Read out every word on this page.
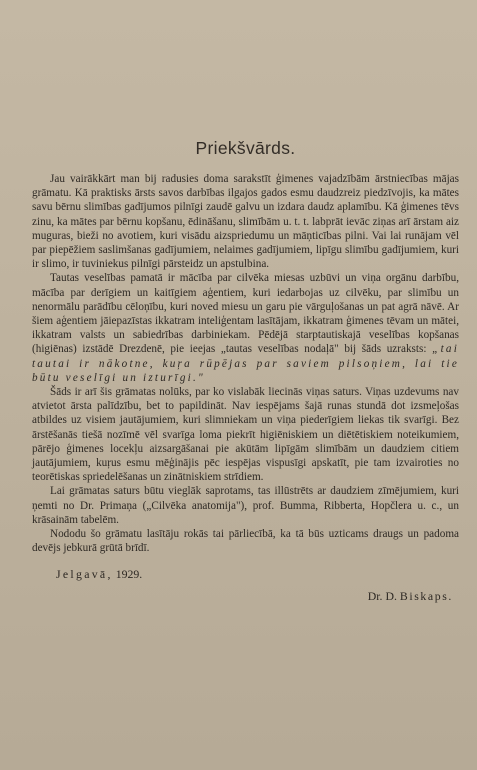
Priekšvārds.

Jau vairākkārt man bij radusies doma sarakstīt ģimenes vajadzībām ārstniecības mājas grāmatu. Kā praktisks ārsts savos darbības ilgajos gados esmu daudzreiz piedzīvojis, ka mātes savu bērnu slimības gadījumos pilnīgi zaudē galvu un izdara daudz aplamību. Kā ģimenes tēvs zinu, ka mātes par bērnu kopšanu, ēdināšanu, slimībām u. t. t. labprāt ievāc ziņas arī ārstam aiz muguras, bieži no avotiem, kuri visādu aizspriedumu un māņticības pilni. Vai lai runājam vēl par piepēžiem saslimšanas gadījumiem, nelaimes gadījumiem, lipīgu slimību gadījumiem, kuri ir slimo, ir tuviniekus pilnīgi pārsteidz un apstulbina.

Tautas veselības pamatā ir mācība par cilvēka miesas uzbūvi un viņa orgānu darbību, mācība par derīgiem un kaitīgiem aģentiem, kuri iedarbojas uz cilvēku, par slimību un nenormālu parādību cēloņību, kuri noved miesu un garu pie vārguļošanas un pat agrā nāvē. Ar šiem aģentiem jāiepazīstas ikkatram inteliģentam lasītājam, ikkatram ģimenes tēvam un mātei, ikkatram valsts un sabiedrības darbiniekam. Pēdējā starptautiskajā veselības kopšanas (higiēnas) izstādē Drezdenē, pie ieejas „tautas veselības nodaļā" bij šāds uzraksts: „tai tautai ir nākotne, kuŗa rūpējas par saviem pilsoņiem, lai tie būtu veselīgi un izturīgi."

Šāds ir arī šis grāmatas nolūks, par ko vislabāk liecinās viņas saturs. Viņas uzdevums nav atvietot ārsta palīdzību, bet to papildināt. Nav iespējams šajā runas stundā dot izsmeļošas atbildes uz visiem jautājumiem, kuri slimniekam un viņa piederīgiem liekas tik svarīgi. Bez ārstēšanās tiešā nozīmē vēl svarīga loma piekrīt higiēniskiem un diētētiskiem noteikumiem, pārējo ģimenes locekļu aizsargāšanai pie akūtām lipīgām slimībām un daudziem citiem jautājumiem, kuŗus esmu mēģinājis pēc iespējas vispusīgi apskatīt, pie tam izvairoties no teorētiskas spriedelēšanas un zinātniskiem strīdiem.

Lai grāmatas saturs būtu vieglāk saprotams, tas illūstrēts ar daudziem zīmējumiem, kuri ņemti no Dr. Primaņa („Cilvēka anatomija"), prof. Bumma, Ribberta, Hopčlera u. c., un krāsainām tabelēm.

Nododu šo grāmatu lasītāju rokās tai pārliecībā, ka tā būs uzticams draugs un padoma devējs jebkurā grūtā brīdī.

Jelgavā, 1929.
Dr. D. Biskaps.
